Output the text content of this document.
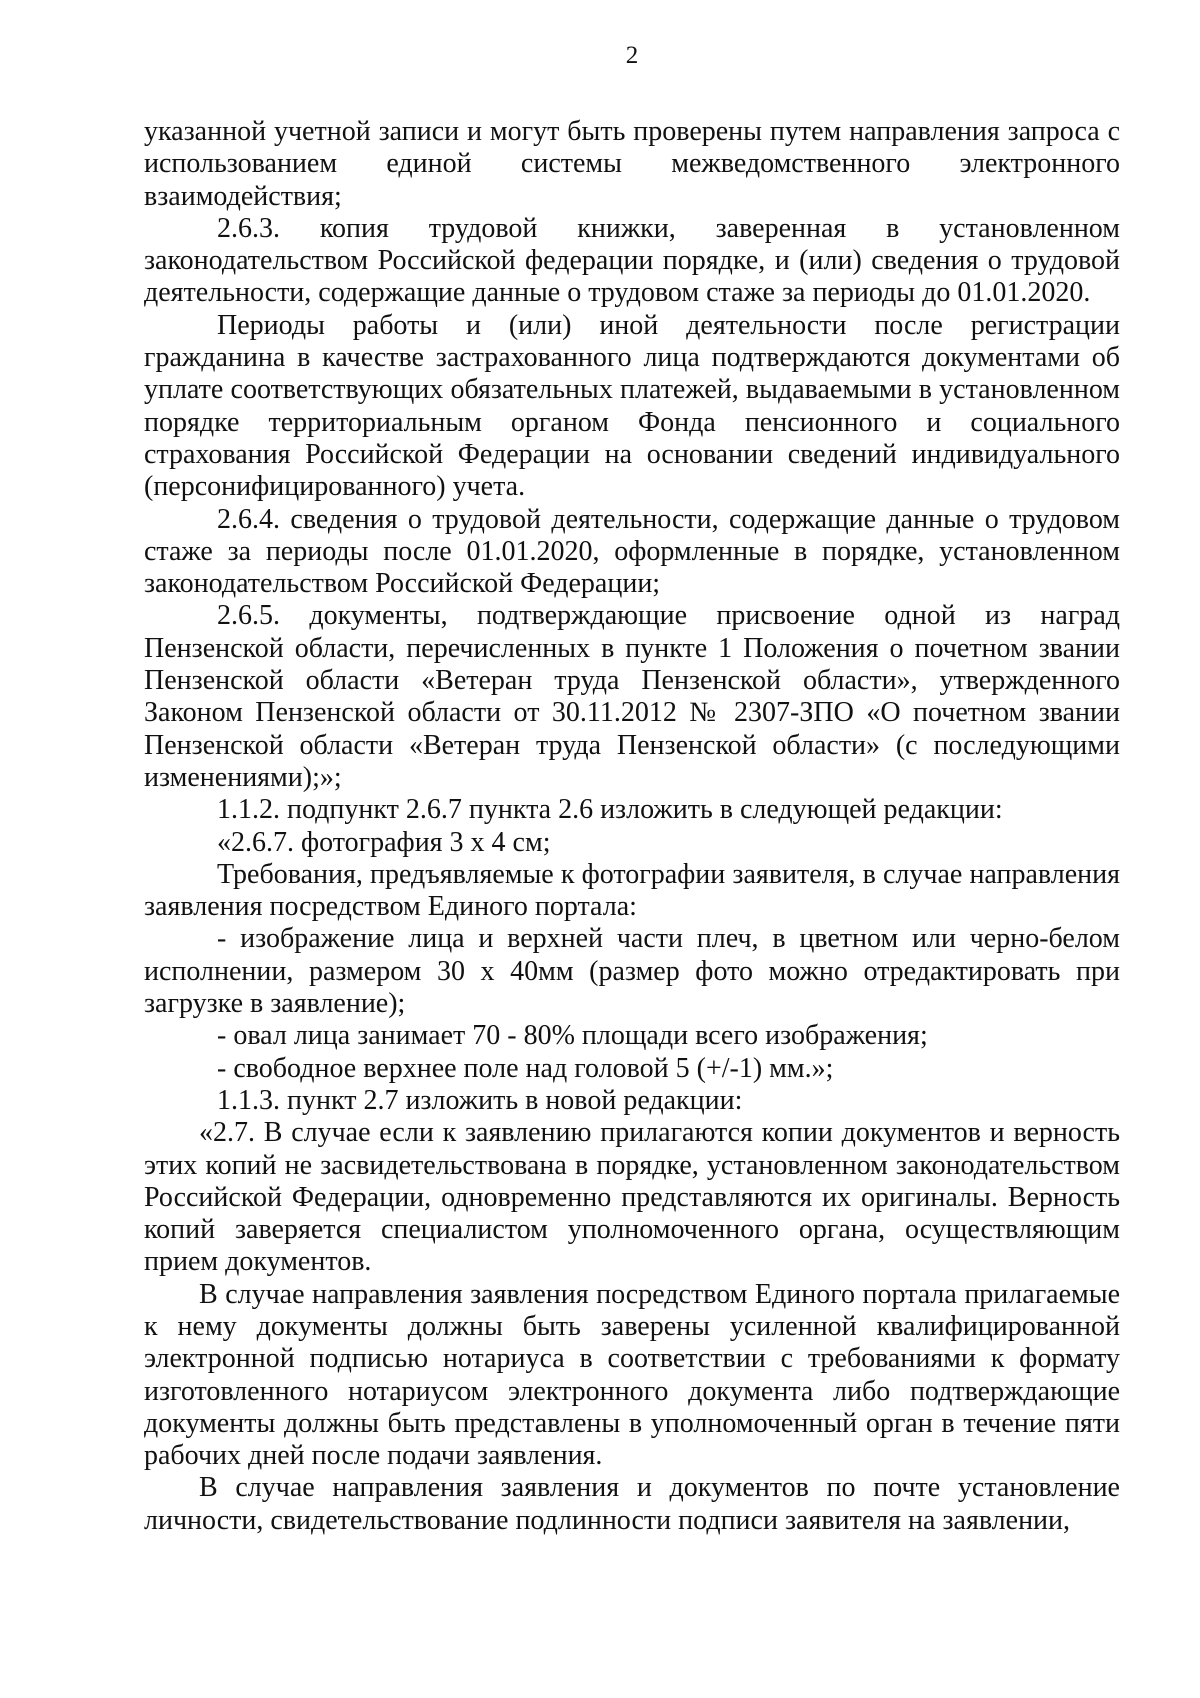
2

указанной учетной записи и могут быть проверены путем направления запроса с использованием единой системы межведомственного электронного взаимодействия;

2.6.3. копия трудовой книжки, заверенная в установленном законодательством Российской федерации порядке, и (или) сведения о трудовой деятельности, содержащие данные о трудовом стаже за периоды до 01.01.2020.

Периоды работы и (или) иной деятельности после регистрации гражданина в качестве застрахованного лица подтверждаются документами об уплате соответствующих обязательных платежей, выдаваемыми в установленном порядке территориальным органом Фонда пенсионного и социального страхования Российской Федерации на основании сведений индивидуального (персонифицированного) учета.

2.6.4. сведения о трудовой деятельности, содержащие данные о трудовом стаже за периоды после 01.01.2020, оформленные в порядке, установленном законодательством Российской Федерации;

2.6.5. документы, подтверждающие присвоение одной из наград Пензенской области, перечисленных в пункте 1 Положения о почетном звании Пензенской области «Ветеран труда Пензенской области», утвержденного Законом Пензенской области от 30.11.2012 № 2307-ЗПО «О почетном звании Пензенской области «Ветеран труда Пензенской области» (с последующими изменениями);»;

1.1.2. подпункт 2.6.7 пункта 2.6 изложить в следующей редакции:

«2.6.7. фотография 3 х 4 см;

Требования, предъявляемые к фотографии заявителя, в случае направления заявления посредством Единого портала:

- изображение лица и верхней части плеч, в цветном или черно-белом исполнении, размером 30 х 40мм (размер фото можно отредактировать при загрузке в заявление);

- овал лица занимает 70 - 80% площади всего изображения;

- свободное верхнее поле над головой 5 (+/-1) мм.»;

1.1.3. пункт 2.7 изложить в новой редакции:

«2.7. В случае если к заявлению прилагаются копии документов и верность этих копий не засвидетельствована в порядке, установленном законодательством Российской Федерации, одновременно представляются их оригиналы. Верность копий заверяется специалистом уполномоченного органа, осуществляющим прием документов.

В случае направления заявления посредством Единого портала прилагаемые к нему документы должны быть заверены усиленной квалифицированной электронной подписью нотариуса в соответствии с требованиями к формату изготовленного нотариусом электронного документа либо подтверждающие документы должны быть представлены в уполномоченный орган в течение пяти рабочих дней после подачи заявления.

В случае направления заявления и документов по почте установление личности, свидетельствование подлинности подписи заявителя на заявлении,
